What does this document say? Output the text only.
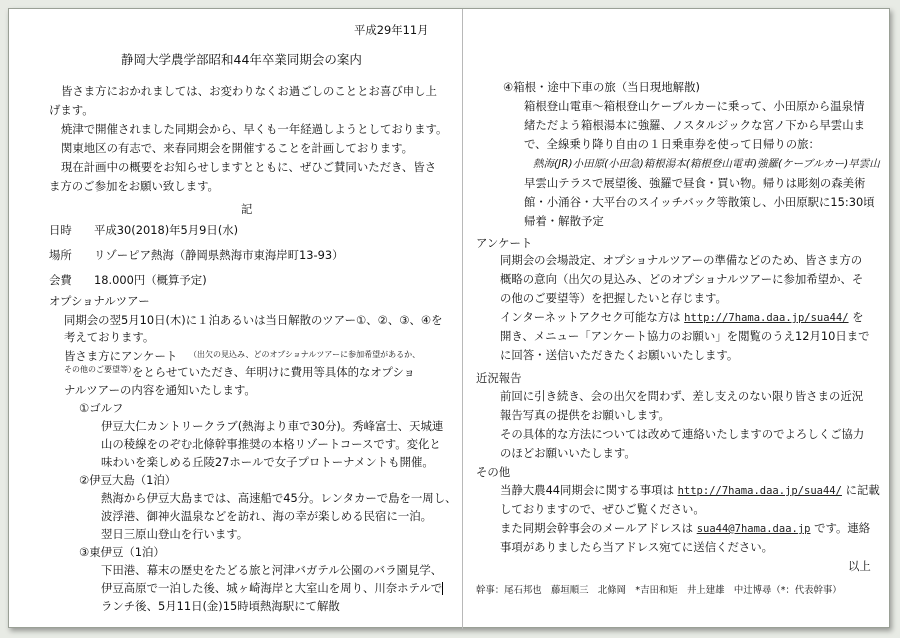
平成29年11月

静岡大学農学部昭和44年卒業同期会の案内

皆さま方におかれましては、お変わりなくお過ごしのこととお喜び申し上

げます。

焼津で開催されました同期会から、早くも一年経過しようとしております。

関東地区の有志で、来春同期会を開催することを計画しております。

現在計画中の概要をお知らせしますとともに、ぜひご賛同いただき、皆さ

ま方のご参加をお願い致します。

記

日時 平成30(2018)年5月9日(水)

場所 リゾーピア熱海（静岡県熱海市東海岸町13-93）

会費 18.000円（概算予定)

オプショナルツアー

同期会の翌5月10日(木)に１泊あるいは当日解散のツアー①、②、③、④を

考えております。

皆さま方にアンケート （出欠の見込み、どのオプショナルツアーに参加希望があるか、

その他のご要望等）

をとらせていただき、年明けに費用等具体的なオプショ

ナルツアーの内容を通知いたします。

①ゴルフ

伊豆大仁カントリークラブ(熱海より車で30分)。秀峰富士、天城連

山の稜線をのぞむ北條幹事推奨の本格リゾートコースです。変化と

味わいを楽しめる丘陵27ホールで女子プロトーナメントも開催。

②伊豆大島（1泊）

熱海から伊豆大島までは、高速船で45分。レンタカーで島を一周し、

波浮港、御神火温泉などを訪れ、海の幸が楽しめる民宿に一泊。

翌日三原山登山を行います。

③東伊豆（1泊）

下田港、幕末の歴史をたどる旅と河津バガテル公園のバラ園見学、

伊豆高原で一泊した後、城ヶ崎海岸と大室山を周り、川奈ホテルで

ランチ後、5月11日(金)15時頃熱海駅にて解散

④箱根・途中下車の旅（当日現地解散)

箱根登山電車～箱根登山ケーブルカーに乗って、小田原から温泉情

緒ただよう箱根湯本に強羅、ノスタルジックな宮ノ下から早雲山ま

で、全線乗り降り自由の１日乗車券を使って日帰りの旅：

熱海(JR)小田原(小田急)箱根湯本(箱根登山電車)強羅(ケーブルカー)早雲山

早雲山テラスで展望後、強羅で昼食・買い物。帰りは彫刻の森美術

館・小涌谷・大平台のスイッチバック等散策し、小田原駅に15:30頃

帰着・解散予定

アンケート

同期会の会場設定、オプショナルツアーの準備などのため、皆さま方の

概略の意向（出欠の見込み、どのオプショナルツアーに参加希望か、そ

の他のご要望等）を把握したいと存じます。

インターネットアクセク可能な方は http://7hama.daa.jp/sua44/ を

開き、メニュー「アンケート協力のお願い」を閲覧のうえ12月10日まで

に回答・送信いただきたくお願いいたします。

近況報告

前回に引き続き、会の出欠を問わず、差し支えのない限り皆さまの近況

報告写真の提供をお願いします。

その具体的な方法については改めて連絡いたしますのでよろしくご協力

のほどお願いいたします。

その他

当静大農44同期会に関する事項は http://7hama.daa.jp/sua44/ に記載

しておりますので、ぜひご覧ください。

また同期会幹事会のメールアドレスは sua44@7hama.daa.jp です。連絡

事項がありましたら当アドレス宛てに送信ください。

以上

幹事：尾石邦也　藤垣順三　北條岡　*吉田和矩　井上建雄　中辻博尋（*：代表幹事）
